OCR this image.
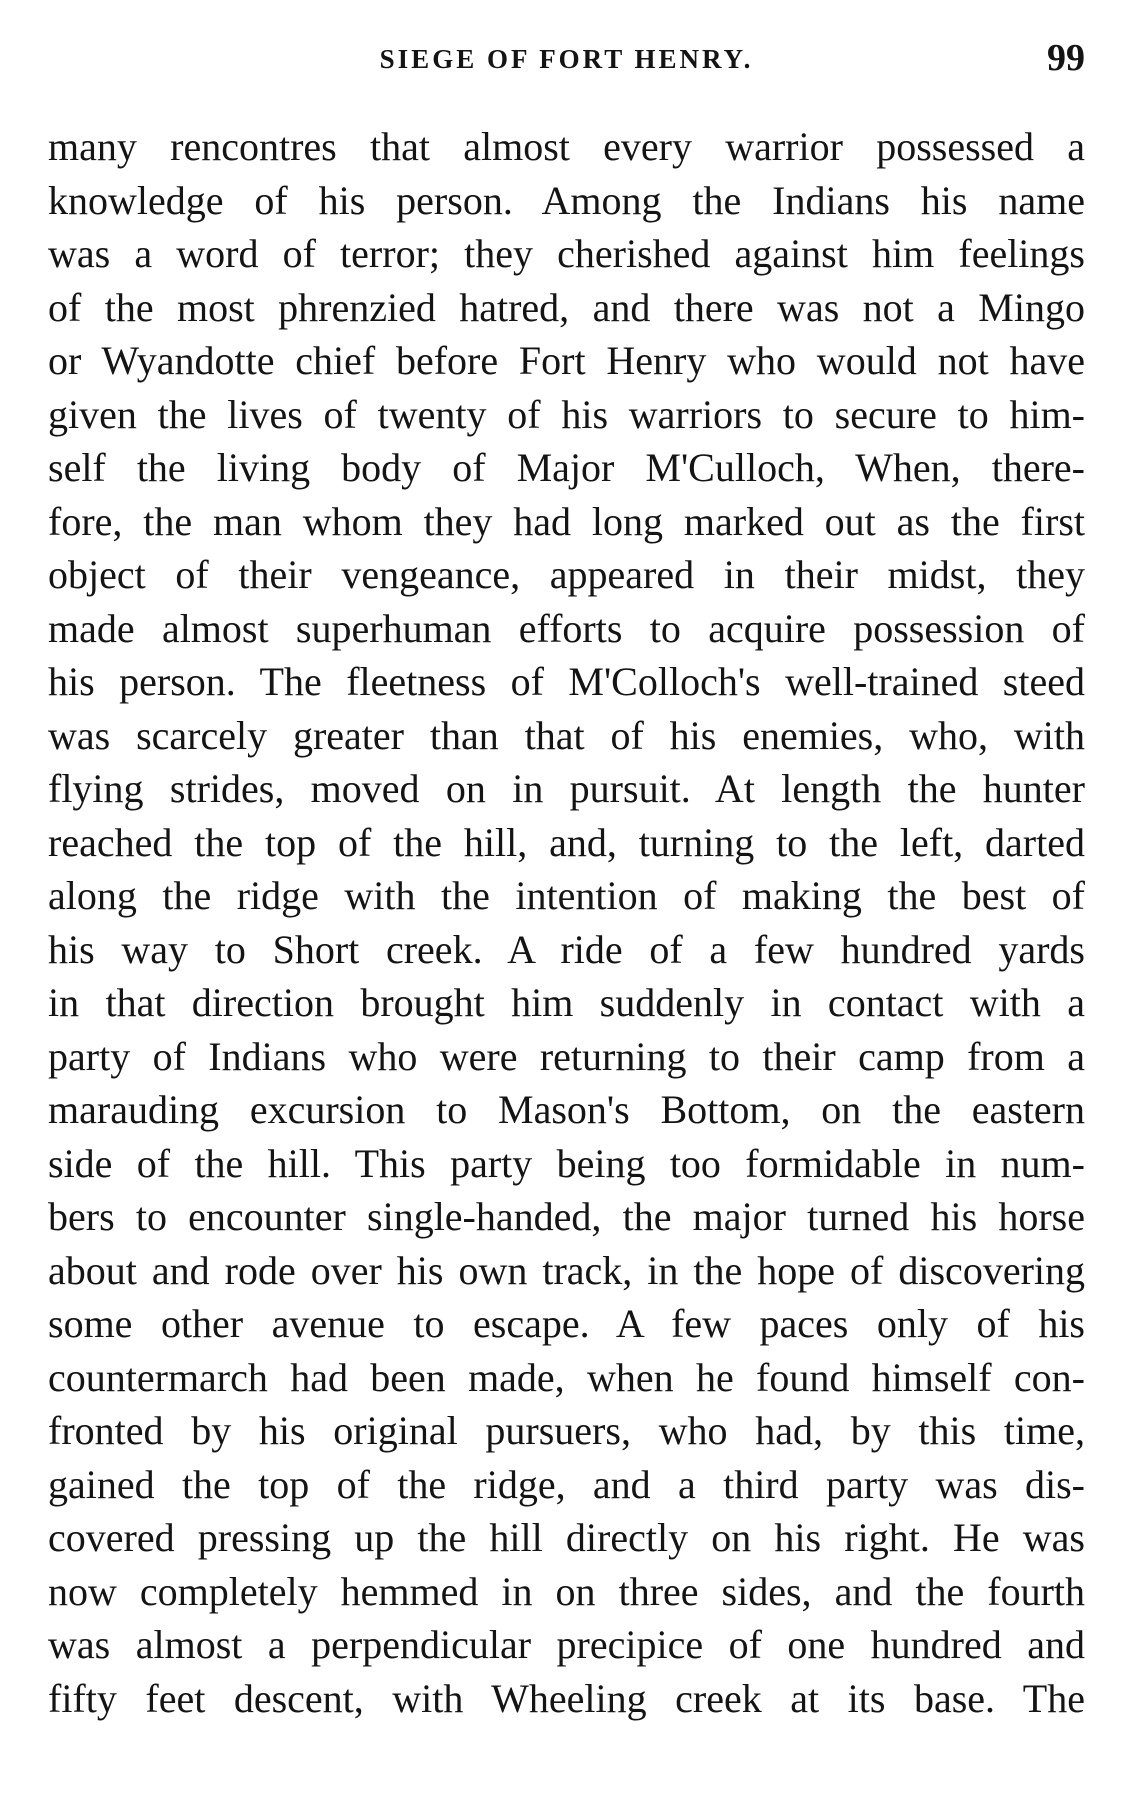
SIEGE OF FORT HENRY.	99
many rencontres that almost every warrior possessed a
knowledge of his person. Among the Indians his name
was a word of terror; they cherished against him feelings
of the most phrenzied hatred, and there was not a Mingo
or Wyandotte chief before Fort Henry who would not have
given the lives of twenty of his warriors to secure to him-
self the living body of Major M'Culloch, When, there-
fore, the man whom they had long marked out as the first
object of their vengeance, appeared in their midst, they
made almost superhuman efforts to acquire possession of
his person. The fleetness of M'Colloch's well-trained steed
was scarcely greater than that of his enemies, who, with
flying strides, moved on in pursuit. At length the hunter
reached the top of the hill, and, turning to the left, darted
along the ridge with the intention of making the best of
his way to Short creek. A ride of a few hundred yards
in that direction brought him suddenly in contact with a
party of Indians who were returning to their camp from a
marauding excursion to Mason's Bottom, on the eastern
side of the hill. This party being too formidable in num-
bers to encounter single-handed, the major turned his horse
about and rode over his own track, in the hope of discovering
some other avenue to escape. A few paces only of his
countermarch had been made, when he found himself con-
fronted by his original pursuers, who had, by this time,
gained the top of the ridge, and a third party was dis-
covered pressing up the hill directly on his right. He was
now completely hemmed in on three sides, and the fourth
was almost a perpendicular precipice of one hundred and
fifty feet descent, with Wheeling creek at its base. The
